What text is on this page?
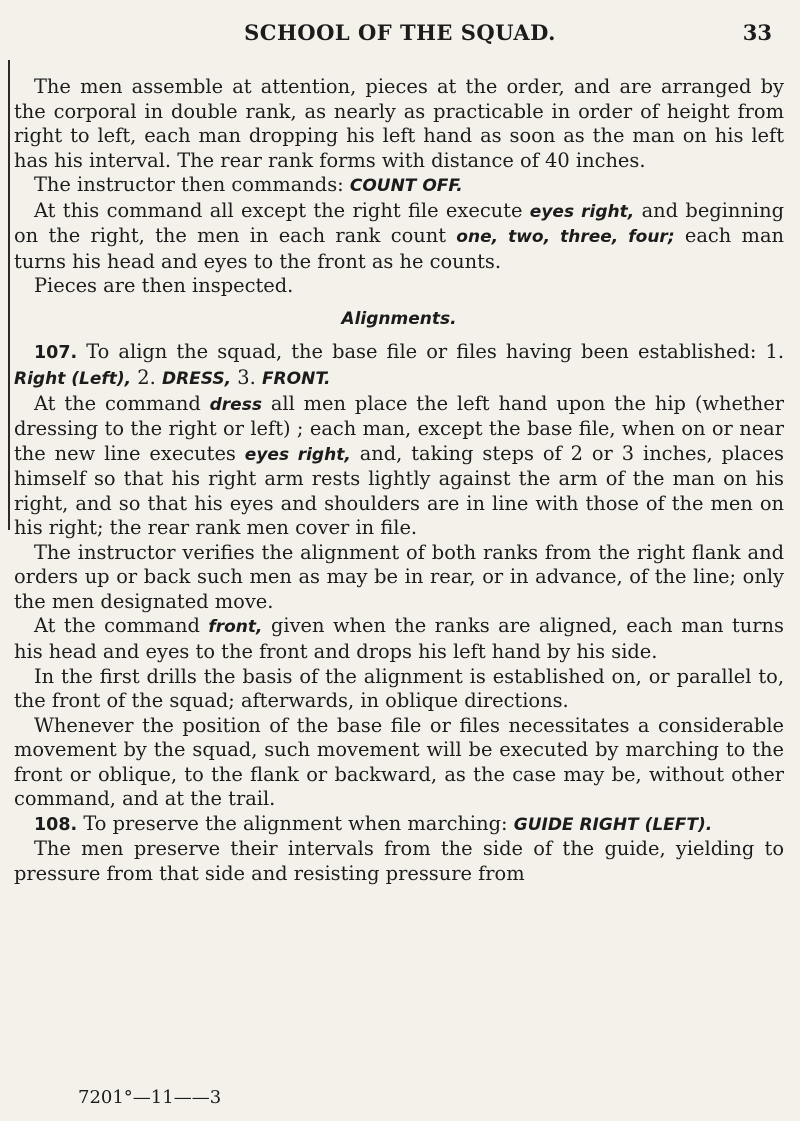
SCHOOL OF THE SQUAD.	33

The men assemble at attention, pieces at the order, and are arranged by the corporal in double rank, as nearly as practicable in order of height from right to left, each man dropping his left hand as soon as the man on his left has his interval. The rear rank forms with distance of 40 inches.

The instructor then commands: COUNT OFF.

At this command all except the right file execute eyes right, and beginning on the right, the men in each rank count one, two, three, four; each man turns his head and eyes to the front as he counts.

Pieces are then inspected.

Alignments.

107. To align the squad, the base file or files having been established: 1. Right (Left), 2. DRESS, 3. FRONT.

At the command dress all men place the left hand upon the hip (whether dressing to the right or left) ; each man, except the base file, when on or near the new line executes eyes right, and, taking steps of 2 or 3 inches, places himself so that his right arm rests lightly against the arm of the man on his right, and so that his eyes and shoulders are in line with those of the men on his right; the rear rank men cover in file.

The instructor verifies the alignment of both ranks from the right flank and orders up or back such men as may be in rear, or in advance, of the line; only the men designated move.

At the command front, given when the ranks are aligned, each man turns his head and eyes to the front and drops his left hand by his side.

In the first drills the basis of the alignment is established on, or parallel to, the front of the squad; afterwards, in oblique directions.

Whenever the position of the base file or files necessitates a considerable movement by the squad, such movement will be executed by marching to the front or oblique, to the flank or backward, as the case may be, without other command, and at the trail.

108. To preserve the alignment when marching: GUIDE RIGHT (LEFT).

The men preserve their intervals from the side of the guide, yielding to pressure from that side and resisting pressure from

7201°—11——3
